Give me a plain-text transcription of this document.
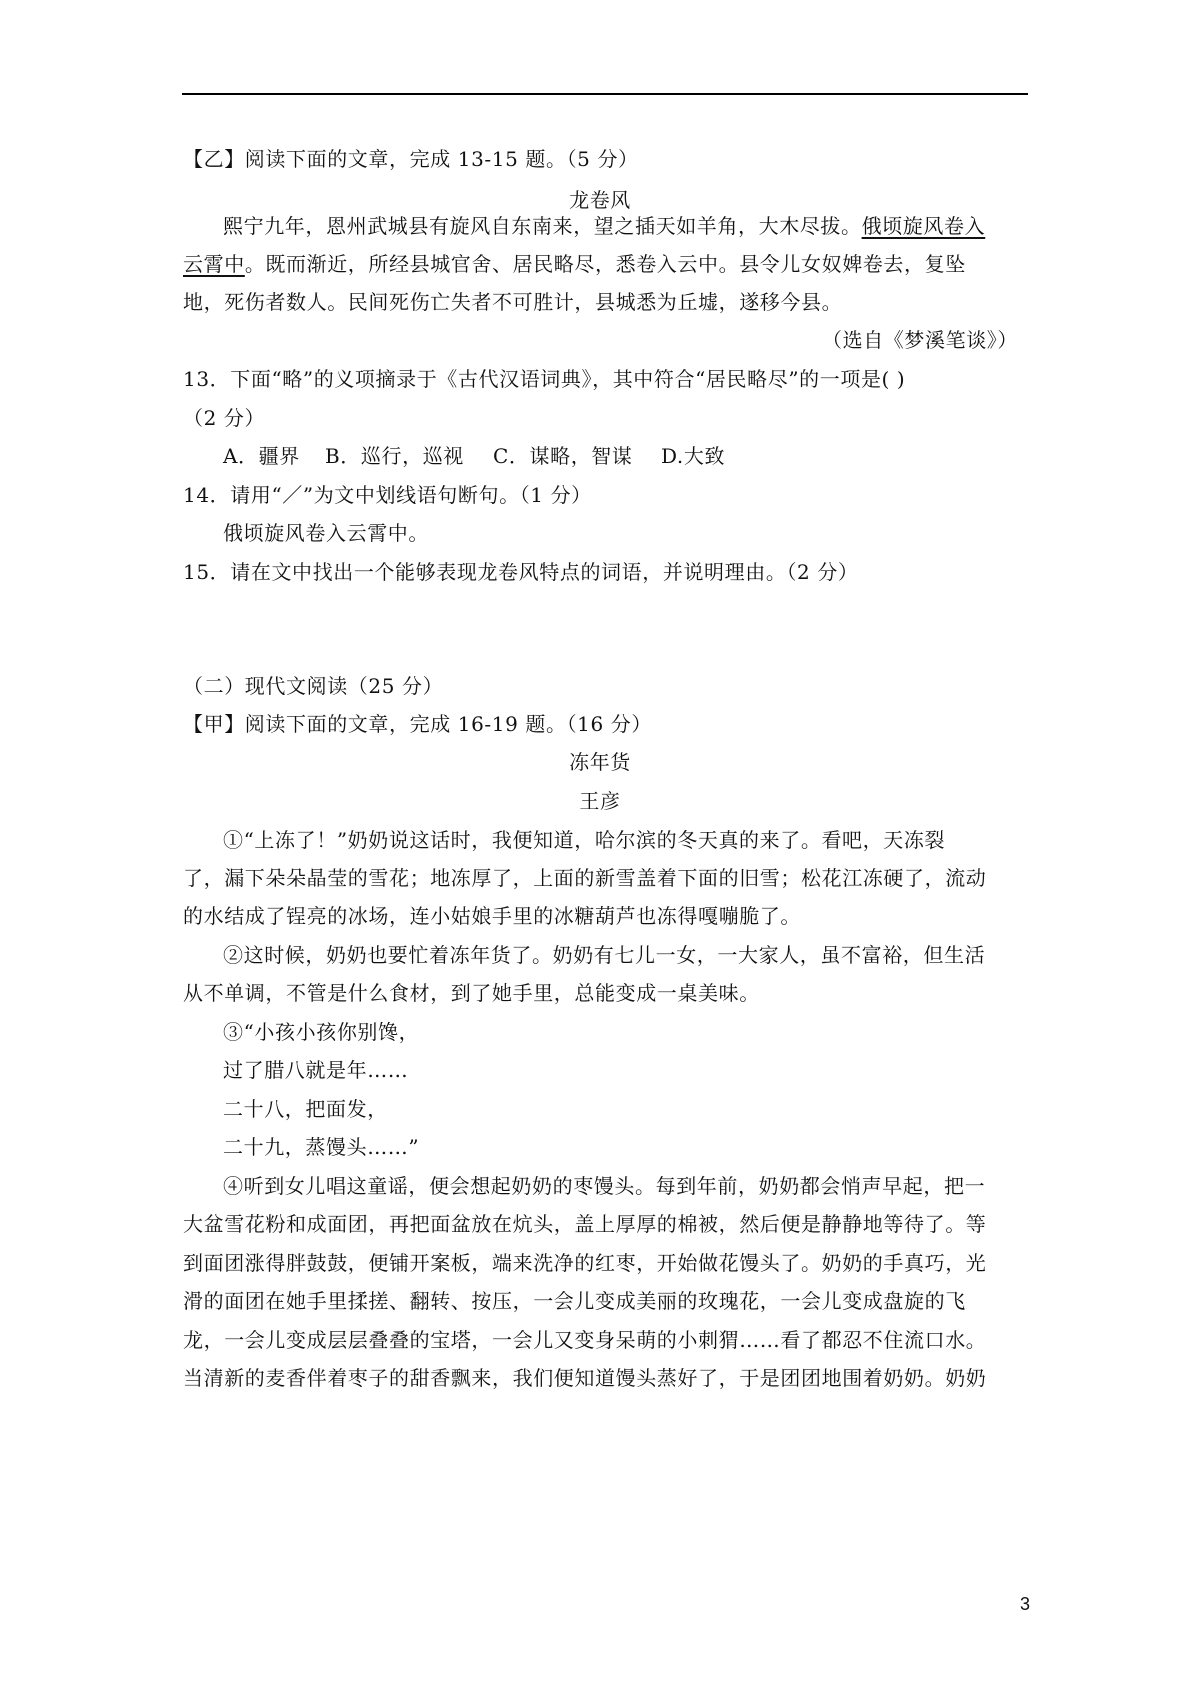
【乙】阅读下面的文章，完成 13-15 题。（5 分）

龙卷风

熙宁九年，恩州武城县有旋风自东南来，望之插天如羊角，大木尽拔。俄顷旋风卷入

云霄中。既而渐近，所经县城官舍、居民略尽，悉卷入云中。县令儿女奴婢卷去，复坠

地，死伤者数人。民间死伤亡失者不可胜计，县城悉为丘墟，遂移今县。

（选自《梦溪笔谈》）

13．下面“略”的义项摘录于《古代汉语词典》，其中符合“居民略尽”的一项是( )

（2 分）

A．疆界 B．巡行，巡视 C．谋略，智谋 D.大致

14．请用“／”为文中划线语句断句。（1 分）

俄顷旋风卷入云霄中。

15．请在文中找出一个能够表现龙卷风特点的词语，并说明理由。（2 分）

（二）现代文阅读（25 分）

【甲】阅读下面的文章，完成 16-19 题。（16 分）

冻年货

王彦

①“上冻了！”奶奶说这话时，我便知道，哈尔滨的冬天真的来了。看吧，天冻裂

了，漏下朵朵晶莹的雪花；地冻厚了，上面的新雪盖着下面的旧雪；松花江冻硬了，流动

的水结成了锃亮的冰场，连小姑娘手里的冰糖葫芦也冻得嘎嘣脆了。

②这时候，奶奶也要忙着冻年货了。奶奶有七儿一女，一大家人，虽不富裕，但生活

从不单调，不管是什么食材，到了她手里，总能变成一桌美味。

③“小孩小孩你别馋，

过了腊八就是年……

二十八，把面发，

二十九，蒸馒头……”

④听到女儿唱这童谣，便会想起奶奶的枣馒头。每到年前，奶奶都会悄声早起，把一

大盆雪花粉和成面团，再把面盆放在炕头，盖上厚厚的棉被，然后便是静静地等待了。等

到面团涨得胖鼓鼓，便铺开案板，端来洗净的红枣，开始做花馒头了。奶奶的手真巧，光

滑的面团在她手里揉搓、翻转、按压，一会儿变成美丽的玫瑰花，一会儿变成盘旋的飞

龙，一会儿变成层层叠叠的宝塔，一会儿又变身呆萌的小刺猬……看了都忍不住流口水。

当清新的麦香伴着枣子的甜香飘来，我们便知道馒头蒸好了，于是团团地围着奶奶。奶奶

3
